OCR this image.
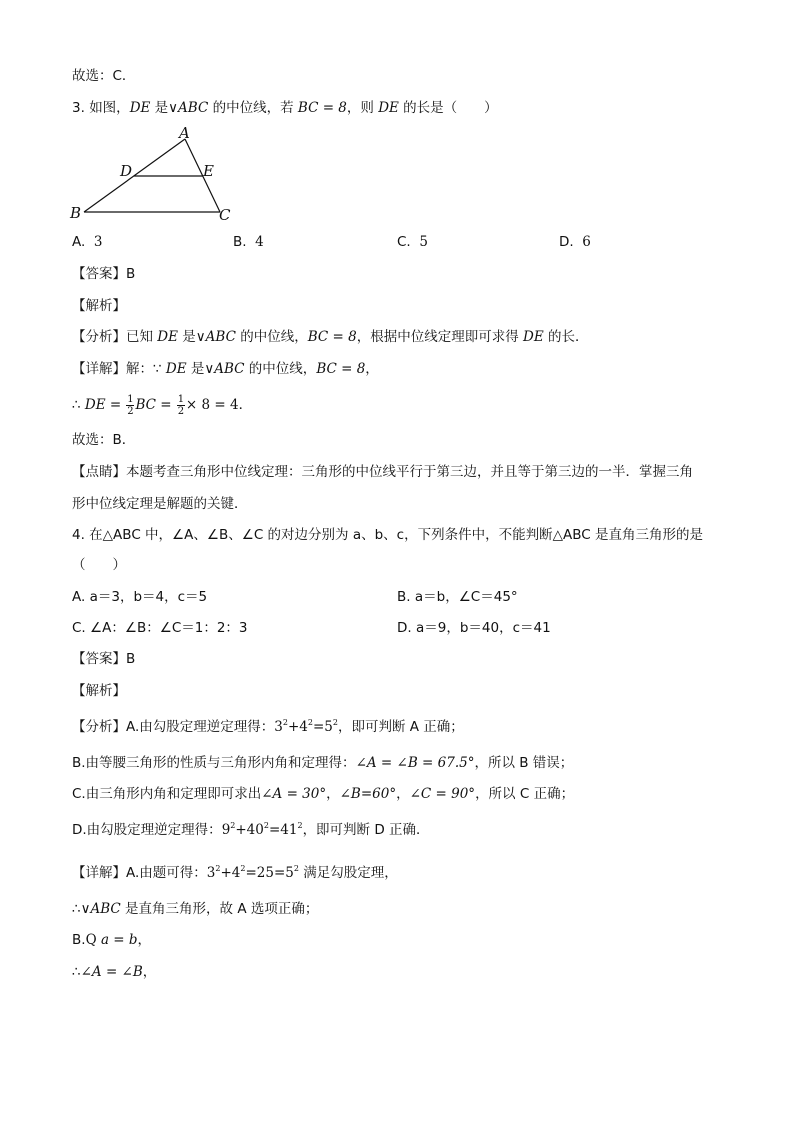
故选：C．
3. 如图，DE 是∨ABC 的中位线，若 BC = 8，则 DE 的长是（　　）
A
B	C
D	E
A. 3	B. 4	C. 5	D. 6
【答案】B
【解析】
【分析】已知 DE 是∨ABC 的中位线，BC = 8，根据中位线定理即可求得 DE 的长．
【详解】解：∵ DE 是∨ABC 的中位线，BC = 8，
∴ DE = $\frac{1}{2}$ BC = $\frac{1}{2} \times 8 = 4$．
故选：B．
【点睛】本题考查三角形中位线定理：三角形的中位线平行于第三边，并且等于第三边的一半．掌握三角
形中位线定理是解题的关键．
4. 在△ABC 中，∠A、∠B、∠C 的对边分别为 a、b、c，下列条件中，不能判断△ABC 是直角三角形的是
（　　）
A. a＝3，b＝4，c＝5	B. a＝b，∠C＝45°
C. ∠A：∠B：∠C＝1：2：3	D. a＝9，b＝40，c＝41
【答案】B
【解析】
【分析】A.由勾股定理逆定理得：$3^2+4^2=5^2$，即可判断 A 正确；
B.由等腰三角形的性质与三角形内角和定理得：∠A = ∠B = 67.5°，所以 B 错误；
C.由三角形内角和定理即可求出∠A = 30°，∠B=60°，∠C = 90°，所以 C 正确；
D.由勾股定理逆定理得：$9^2+40^2=41^2$，即可判断 D 正确．
【详解】A.由题可得：$3^2+4^2=25=5^2$ 满足勾股定理，
∴∨ABC 是直角三角形，故 A 选项正确；
B.Q a = b，
∴∠A = ∠B，
